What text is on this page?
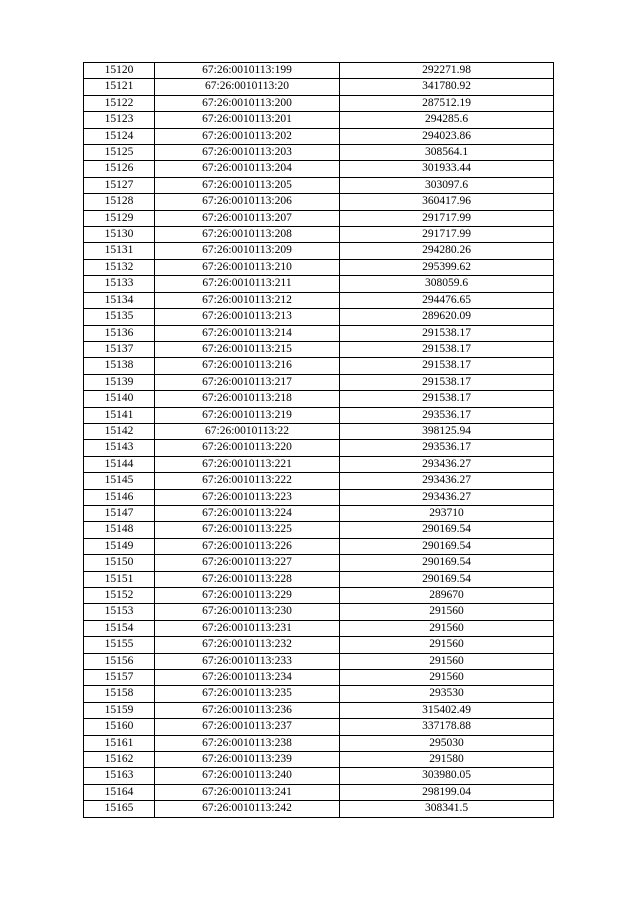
15120	67:26:0010113:199	292271.98
15121	67:26:0010113:20	341780.92
15122	67:26:0010113:200	287512.19
15123	67:26:0010113:201	294285.6
15124	67:26:0010113:202	294023.86
15125	67:26:0010113:203	308564.1
15126	67:26:0010113:204	301933.44
15127	67:26:0010113:205	303097.6
15128	67:26:0010113:206	360417.96
15129	67:26:0010113:207	291717.99
15130	67:26:0010113:208	291717.99
15131	67:26:0010113:209	294280.26
15132	67:26:0010113:210	295399.62
15133	67:26:0010113:211	308059.6
15134	67:26:0010113:212	294476.65
15135	67:26:0010113:213	289620.09
15136	67:26:0010113:214	291538.17
15137	67:26:0010113:215	291538.17
15138	67:26:0010113:216	291538.17
15139	67:26:0010113:217	291538.17
15140	67:26:0010113:218	291538.17
15141	67:26:0010113:219	293536.17
15142	67:26:0010113:22	398125.94
15143	67:26:0010113:220	293536.17
15144	67:26:0010113:221	293436.27
15145	67:26:0010113:222	293436.27
15146	67:26:0010113:223	293436.27
15147	67:26:0010113:224	293710
15148	67:26:0010113:225	290169.54
15149	67:26:0010113:226	290169.54
15150	67:26:0010113:227	290169.54
15151	67:26:0010113:228	290169.54
15152	67:26:0010113:229	289670
15153	67:26:0010113:230	291560
15154	67:26:0010113:231	291560
15155	67:26:0010113:232	291560
15156	67:26:0010113:233	291560
15157	67:26:0010113:234	291560
15158	67:26:0010113:235	293530
15159	67:26:0010113:236	315402.49
15160	67:26:0010113:237	337178.88
15161	67:26:0010113:238	295030
15162	67:26:0010113:239	291580
15163	67:26:0010113:240	303980.05
15164	67:26:0010113:241	298199.04
15165	67:26:0010113:242	308341.5
